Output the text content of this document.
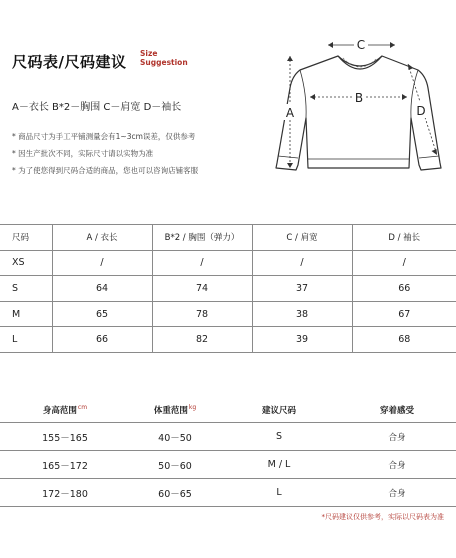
尺码表/尺码建议 Size
Suggestion
A－衣长 B*2－胸围 C－肩宽 D－袖长
* 商品尺寸为手工平铺测量会有1~3cm误差，仅供参考
* 因生产批次不同，实际尺寸请以实物为准
* 为了使您得到尺码合适的商品，您也可以咨询店铺客服
C
B
A	D
尺码	A / 衣长	B*2 / 胸围（弹力）	C / 肩宽	D / 袖长
XS	/	/	/	/
S	64	74	37	66
M	65	78	38	67
L	66	82	39	68
身高范围$^{cm}$	体重范围$^{kg}$	建议尺码	穿着感受
155－165	40－50	S	合身
165－172	50－60	M / L	合身
172－180	60－65	L	合身
*尺码建议仅供参考，实际以尺码表为准
